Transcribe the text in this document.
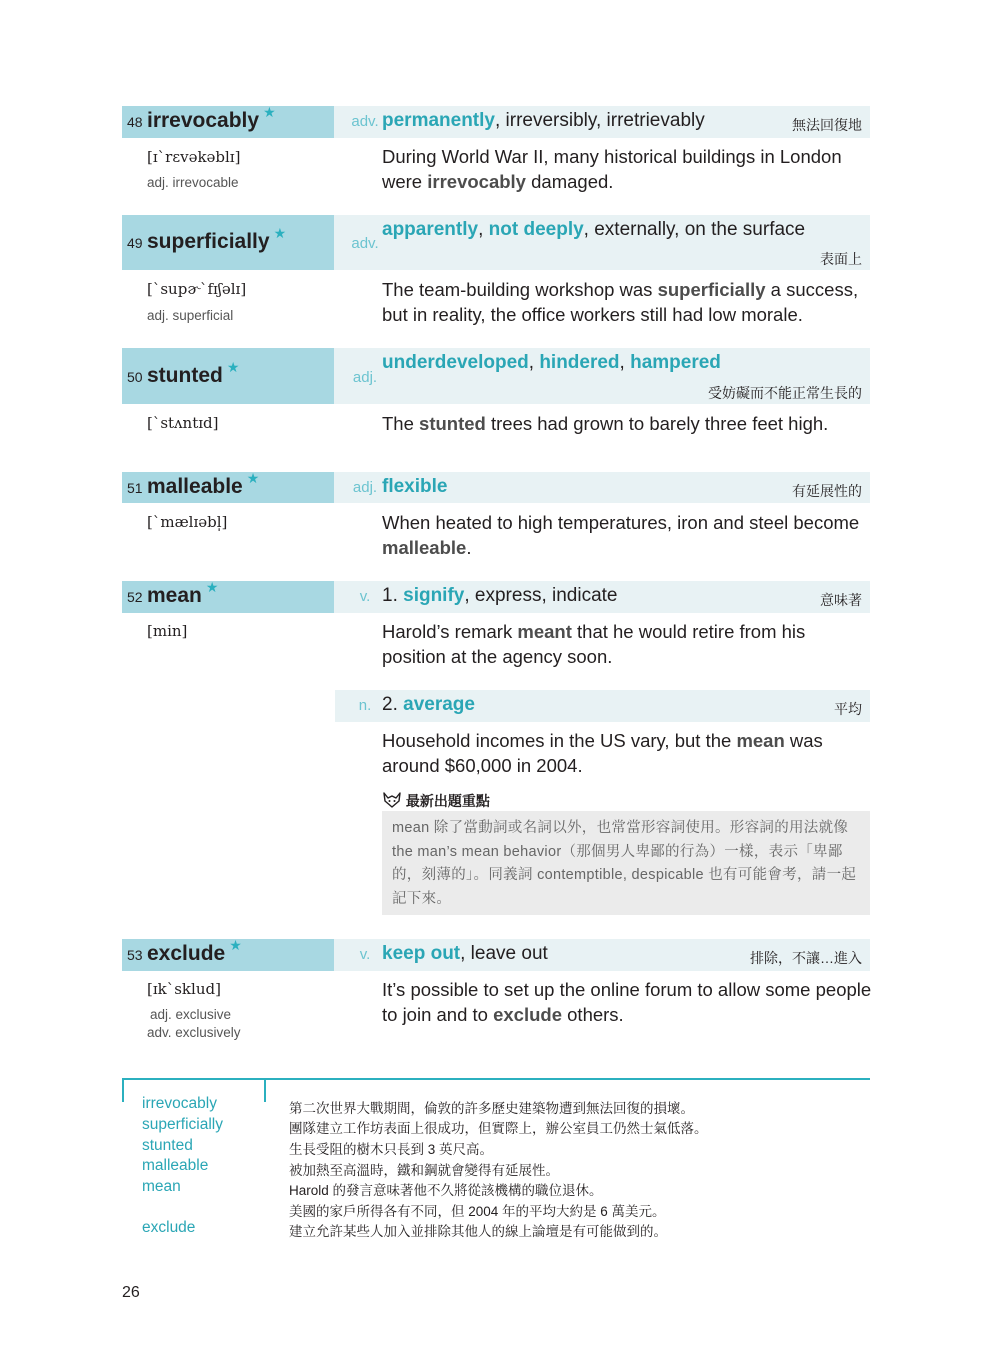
48 irrevocably ★
adv. permanently, irreversibly, irretrievably	無法回復地
[ɪˋrɛvəkəblɪ]
adj. irrevocable
During World War II, many historical buildings in London were irrevocably damaged.
49 superficially ★
adv.
apparently, not deeply, externally, on the surface
表面上
[ˋsupɚˋfɪʃəlɪ]
adj. superficial
The team-building workshop was superficially a success, but in reality, the office workers still had low morale.
50 stunted ★
adj.
underdeveloped, hindered, hampered
受妨礙而不能正常生長的
[ˋstʌntɪd]	The stunted trees had grown to barely three feet high.
51 malleable ★
adj. flexible	有延展性的
[ˋmælɪəbl̩]	When heated to high temperatures, iron and steel become malleable.
52 mean ★
v. 1. signify, express, indicate	意味著
[min]	Harold’s remark meant that he would retire from his position at the agency soon.
n. 2. average	平均
Household incomes in the US vary, but the mean was around $60,000 in 2004.
最新出題重點
mean 除了當動詞或名詞以外，也常當形容詞使用。形容詞的用法就像 the man’s mean behavior（那個男人卑鄙的行為）一樣，表示「卑鄙的，刻薄的」。同義詞 contemptible, despicable 也有可能會考，請一起記下來。
53 exclude ★
v. keep out, leave out	排除，不讓…進入
[ɪkˋsklud]
adj. exclusive
adv. exclusively
It’s possible to set up the online forum to allow some people to join and to exclude others.
irrevocably
superficially
stunted
malleable
mean
exclude
第二次世界大戰期間，倫敦的許多歷史建築物遭到無法回復的損壞。
團隊建立工作坊表面上很成功，但實際上，辦公室員工仍然士氣低落。
生長受阻的樹木只長到 3 英尺高。
被加熱至高溫時，鐵和鋼就會變得有延展性。
Harold 的發言意味著他不久將從該機構的職位退休。
美國的家戶所得各有不同，但 2004 年的平均大約是 6 萬美元。
建立允許某些人加入並排除其他人的線上論壇是有可能做到的。
26
